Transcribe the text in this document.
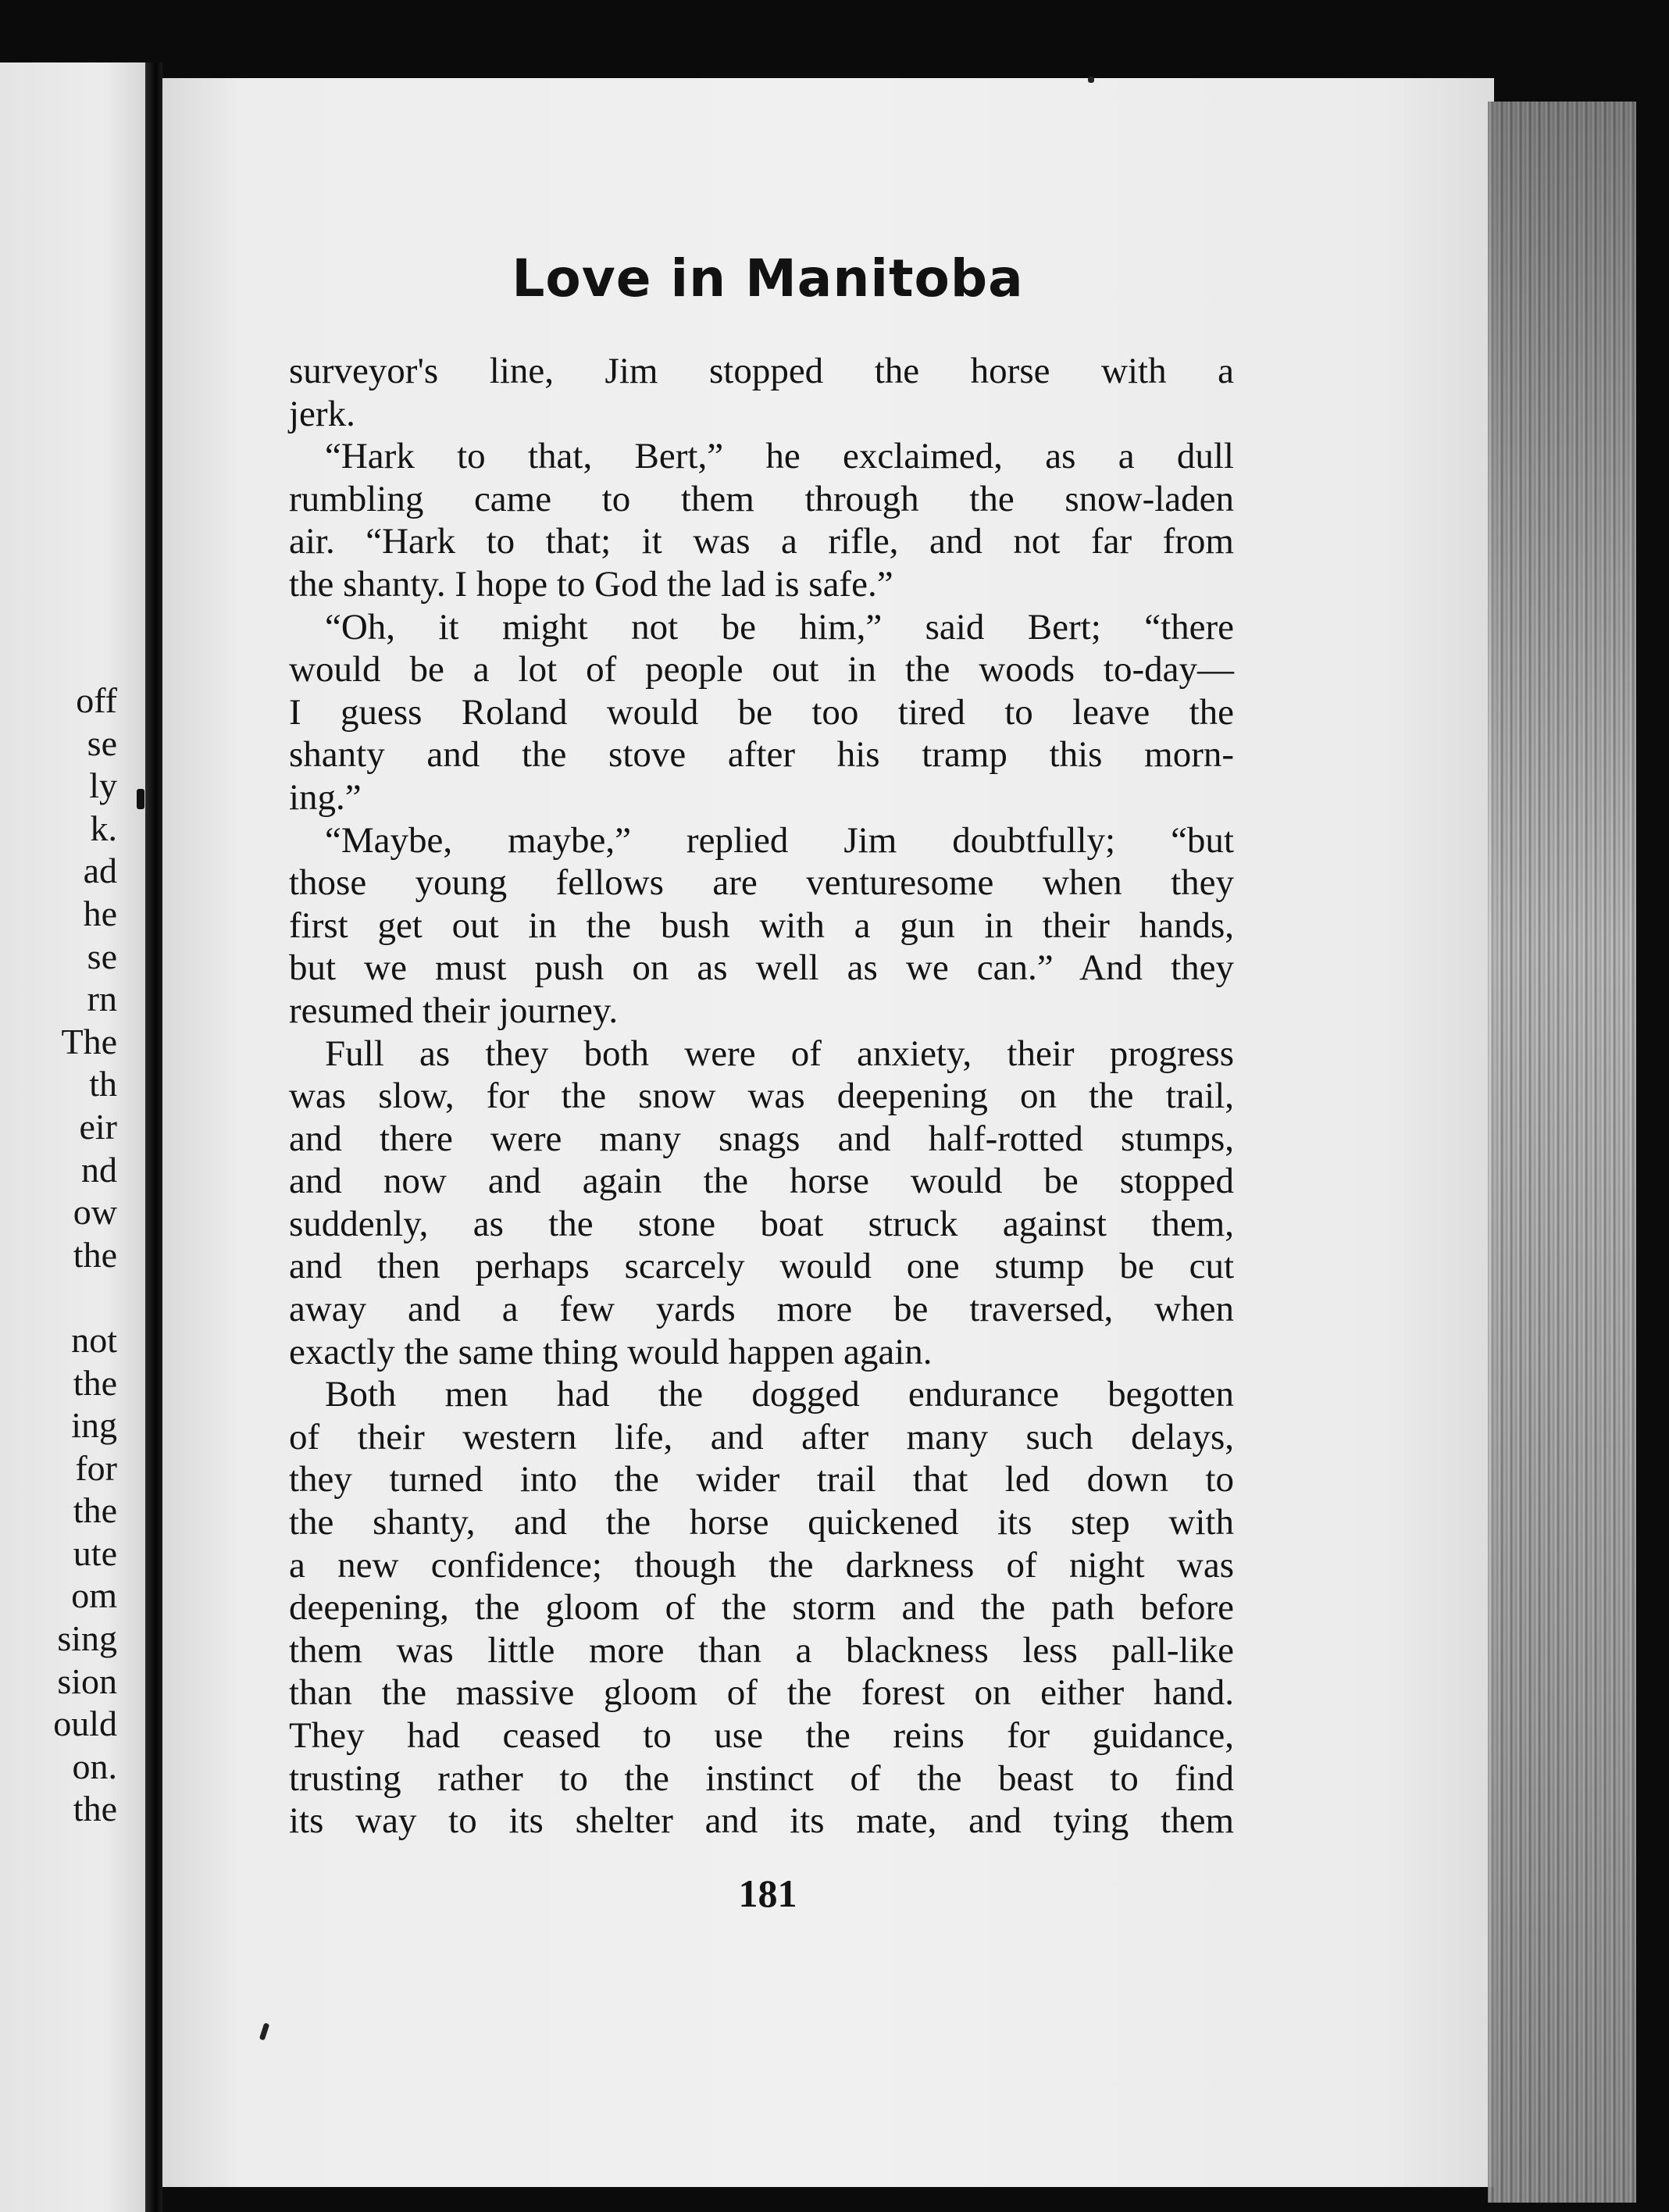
off
se
ly
k.
ad
he
se
rn
The
th
eir
nd
ow
the
not
the
ing
for
the
ute
om
sing
sion
ould
on.
the
Love in Manitoba
surveyor's line, Jim stopped the horse with a
jerk.
“Hark to that, Bert,” he exclaimed, as a dull
rumbling came to them through the snow-laden
air. “Hark to that; it was a rifle, and not far from
the shanty. I hope to God the lad is safe.”
“Oh, it might not be him,” said Bert; “there
would be a lot of people out in the woods to-day—
I guess Roland would be too tired to leave the
shanty and the stove after his tramp this morn-
ing.”
“Maybe, maybe,” replied Jim doubtfully; “but
those young fellows are venturesome when they
first get out in the bush with a gun in their hands,
but we must push on as well as we can.” And they
resumed their journey.
Full as they both were of anxiety, their progress
was slow, for the snow was deepening on the trail,
and there were many snags and half-rotted stumps,
and now and again the horse would be stopped
suddenly, as the stone boat struck against them,
and then perhaps scarcely would one stump be cut
away and a few yards more be traversed, when
exactly the same thing would happen again.
Both men had the dogged endurance begotten
of their western life, and after many such delays,
they turned into the wider trail that led down to
the shanty, and the horse quickened its step with
a new confidence; though the darkness of night was
deepening, the gloom of the storm and the path before
them was little more than a blackness less pall-like
than the massive gloom of the forest on either hand.
They had ceased to use the reins for guidance,
trusting rather to the instinct of the beast to find
its way to its shelter and its mate, and tying them
181
